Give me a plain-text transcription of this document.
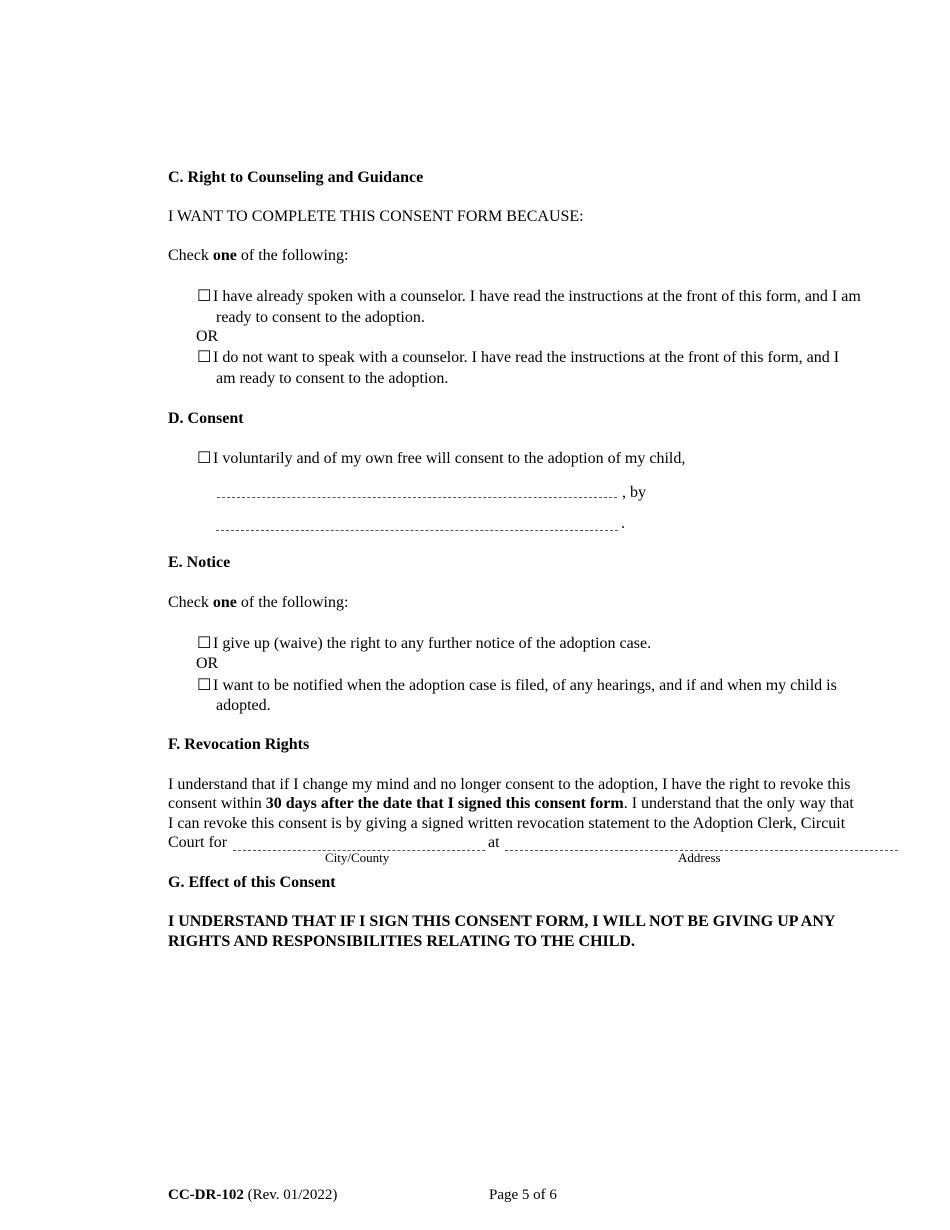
C. Right to Counseling and Guidance
I WANT TO COMPLETE THIS CONSENT FORM BECAUSE:
Check one of the following:
☐ I have already spoken with a counselor. I have read the instructions at the front of this form, and I am
ready to consent to the adoption.
OR
☐ I do not want to speak with a counselor. I have read the instructions at the front of this form, and I
am ready to consent to the adoption.
D. Consent
☐ I voluntarily and of my own free will consent to the adoption of my child,
, by
.
E. Notice
Check one of the following:
☐ I give up (waive) the right to any further notice of the adoption case.
OR
☐ I want to be notified when the adoption case is filed, of any hearings, and if and when my child is
adopted.
F. Revocation Rights
I understand that if I change my mind and no longer consent to the adoption, I have the right to revoke this
consent within 30 days after the date that I signed this consent form. I understand that the only way that
I can revoke this consent is by giving a signed written revocation statement to the Adoption Clerk, Circuit
Court for	at
City/County	Address
G. Effect of this Consent
I UNDERSTAND THAT IF I SIGN THIS CONSENT FORM, I WILL NOT BE GIVING UP ANY
RIGHTS AND RESPONSIBILITIES RELATING TO THE CHILD.
CC-DR-102 (Rev. 01/2022)	Page 5 of 6
